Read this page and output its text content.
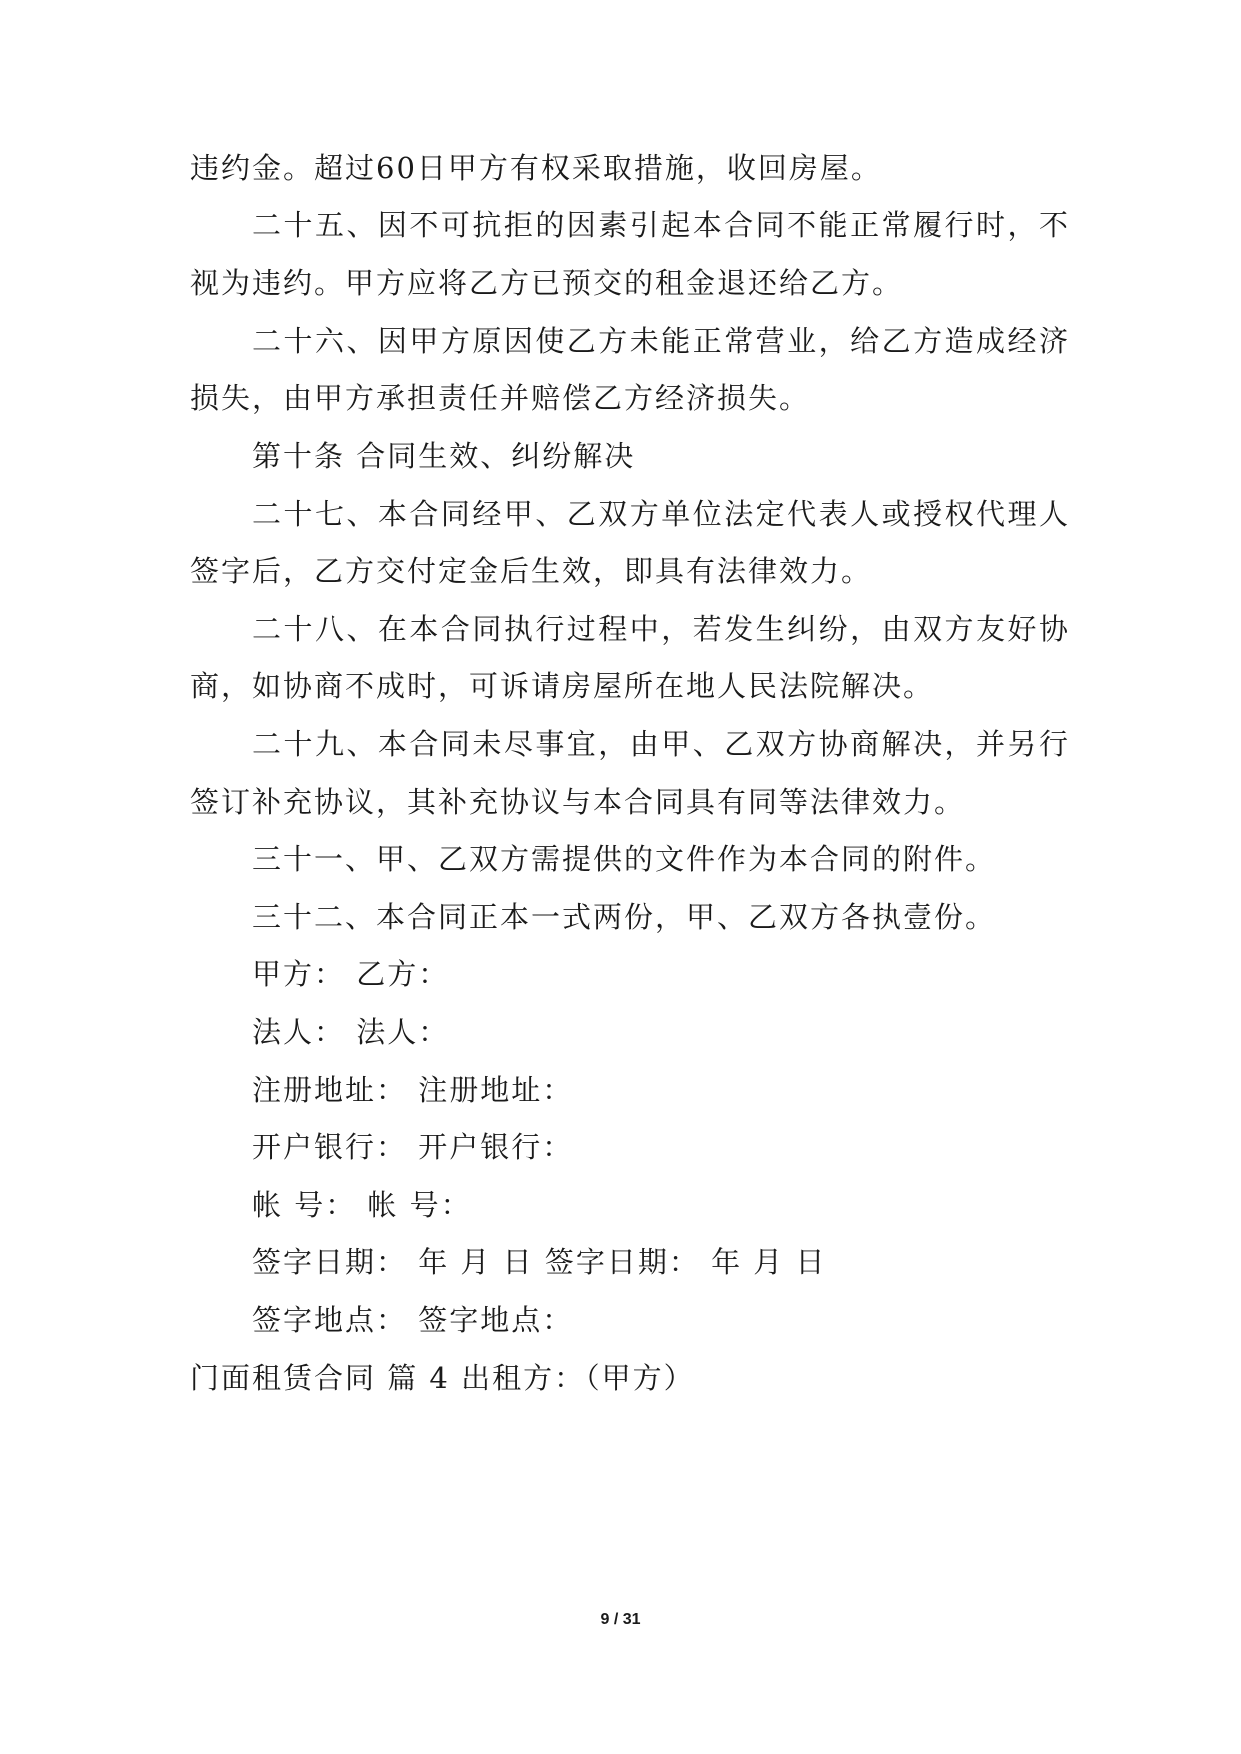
违约金。超过60日甲方有权采取措施，收回房屋。
二十五、因不可抗拒的因素引起本合同不能正常履行时，不
视为违约。甲方应将乙方已预交的租金退还给乙方。
二十六、因甲方原因使乙方未能正常营业，给乙方造成经济
损失，由甲方承担责任并赔偿乙方经济损失。
第十条 合同生效、纠纷解决
二十七、本合同经甲、乙双方单位法定代表人或授权代理人
签字后，乙方交付定金后生效，即具有法律效力。
二十八、在本合同执行过程中，若发生纠纷，由双方友好协
商，如协商不成时，可诉请房屋所在地人民法院解决。
二十九、本合同未尽事宜，由甲、乙双方协商解决，并另行
签订补充协议，其补充协议与本合同具有同等法律效力。
三十一、甲、乙双方需提供的文件作为本合同的附件。
三十二、本合同正本一式两份，甲、乙双方各执壹份。
甲方： 乙方：
法人： 法人：
注册地址： 注册地址：
开户银行： 开户银行：
帐 号： 帐 号：
签字日期： 年 月 日 签字日期： 年 月 日
签字地点： 签字地点：
门面租赁合同 篇 4 出租方：（甲方）
9 / 31
